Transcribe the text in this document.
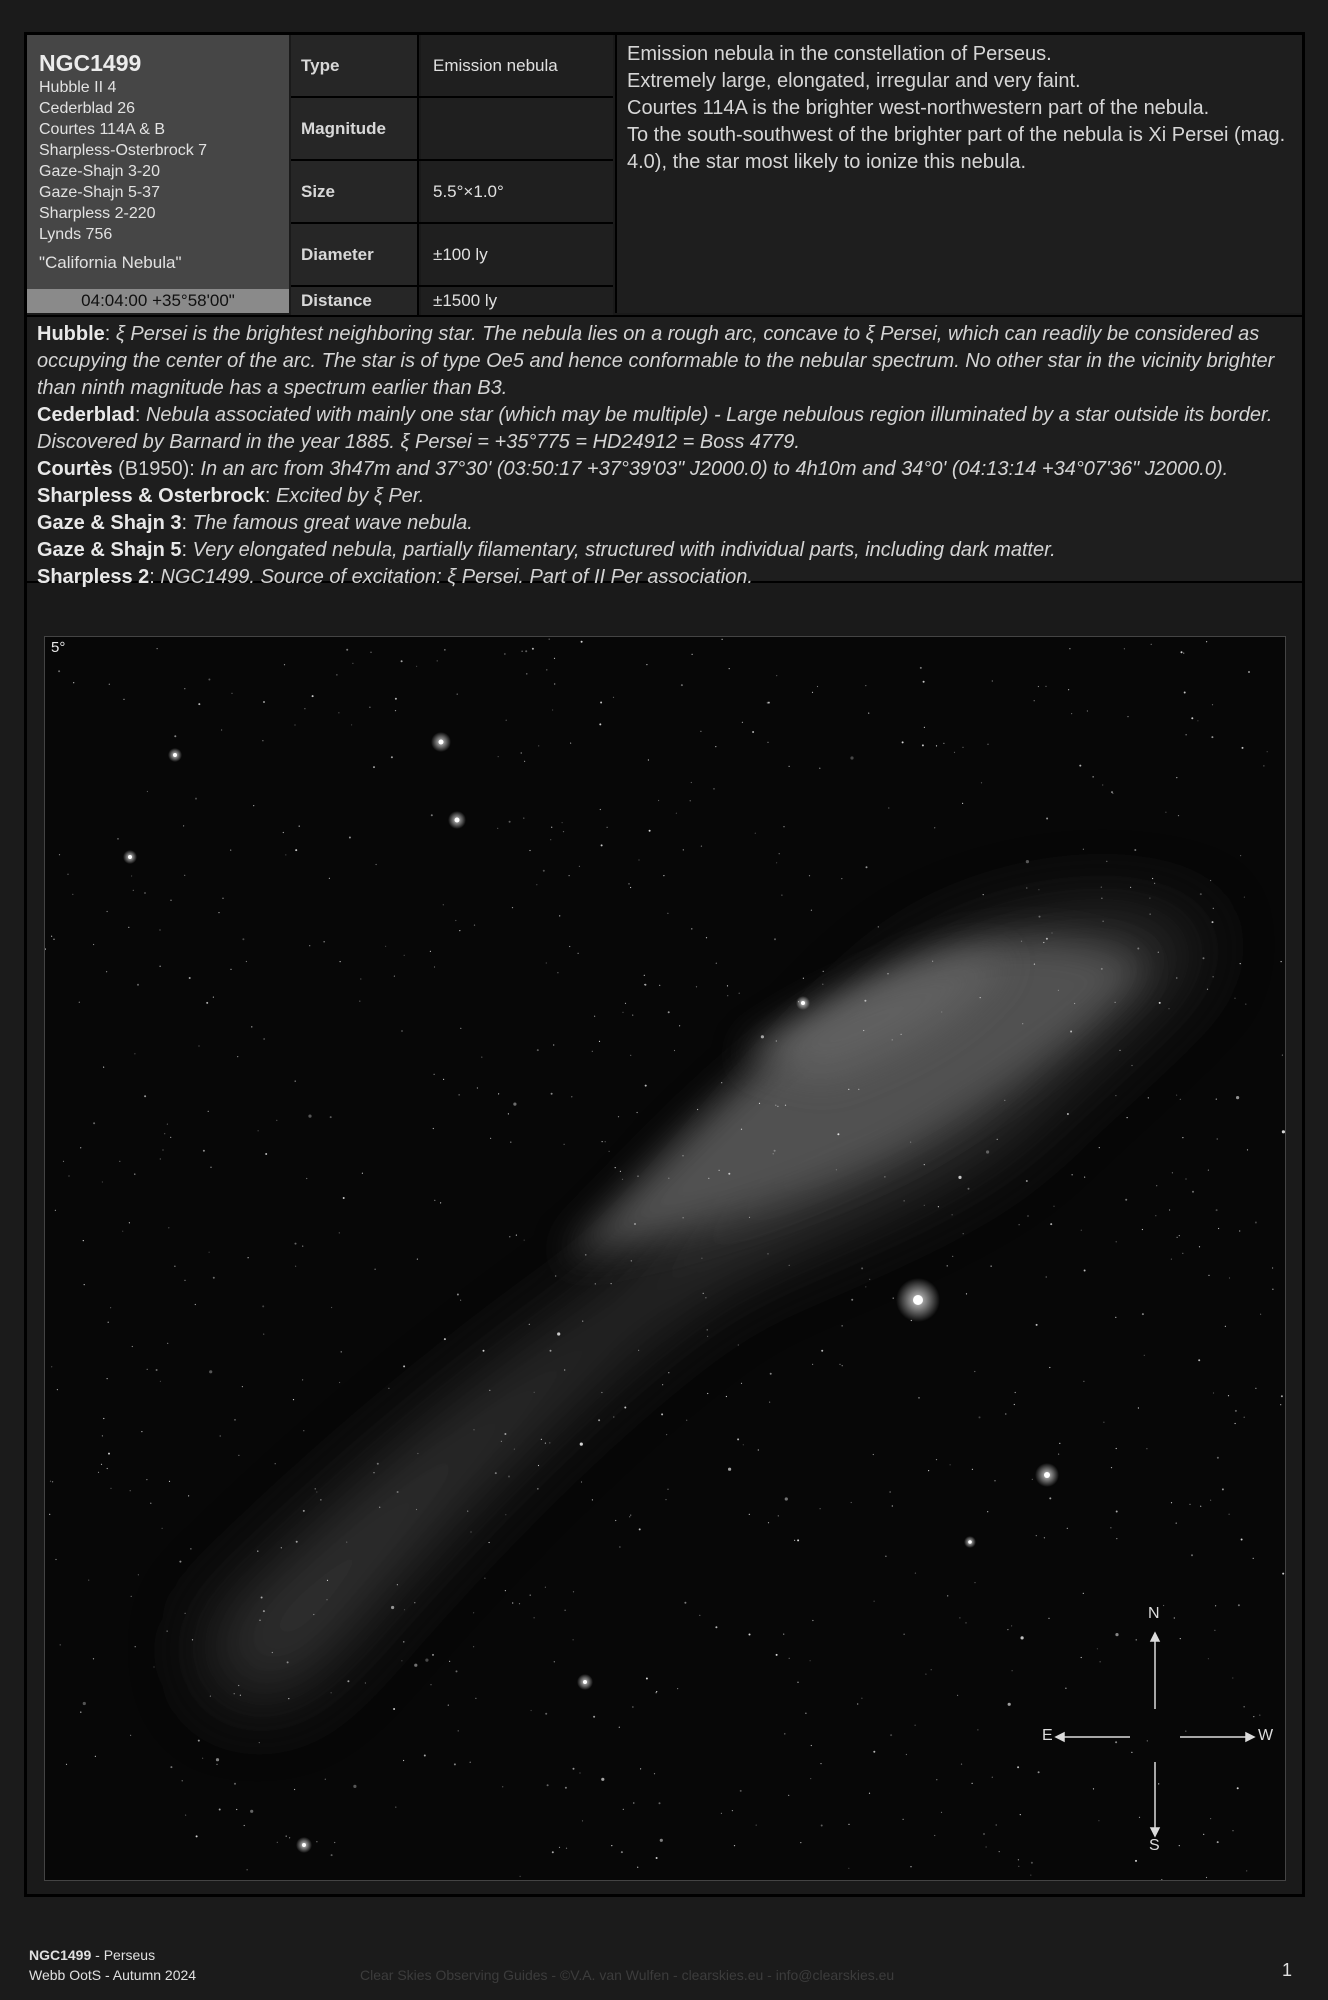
NGC1499
Hubble II 4
Cederblad 26
Courtes 114A & B
Sharpless-Osterbrock 7
Gaze-Shajn 3-20
Gaze-Shajn 5-37
Sharpless 2-220
Lynds 756
"California Nebula"
04:04:00 +35°58'00"
Type	Emission nebula
Magnitude
Size	5.5°×1.0°
Diameter	±100 ly
Distance	±1500 ly

Emission nebula in the constellation of Perseus.

Extremely large, elongated, irregular and very faint.

Courtes 114A is the brighter west-northwestern part of the nebula.

To the south-southwest of the brighter part of the nebula is Xi Persei (mag. 4.0), the star most likely to ionize this nebula.

Hubble: ξ Persei is the brightest neighboring star. The nebula lies on a rough arc, concave to ξ Persei, which can readily be considered as occupying the center of the arc. The star is of type Oe5 and hence conformable to the nebular spectrum. No other star in the vicinity brighter than ninth magnitude has a spectrum earlier than B3.
Cederblad: Nebula associated with mainly one star (which may be multiple) - Large nebulous region illuminated by a star outside its border. Discovered by Barnard in the year 1885. ξ Persei = +35°775 = HD24912 = Boss 4779.
Courtès (B1950): In an arc from 3h47m and 37°30' (03:50:17 +37°39'03" J2000.0) to 4h10m and 34°0' (04:13:14 +34°07'36" J2000.0).
Sharpless & Osterbrock: Excited by ξ Per.
Gaze & Shajn 3: The famous great wave nebula.
Gaze & Shajn 5: Very elongated nebula, partially filamentary, structured with individual parts, including dark matter.
Sharpless 2: NGC1499. Source of excitation: ξ Persei. Part of II Per association.
5°
N
S
E	W
NGC1499 - Perseus
Webb OotS - Autumn 2024	Clear Skies Observing Guides - ©V.A. van Wulfen - clearskies.eu - info@clearskies.eu	1
